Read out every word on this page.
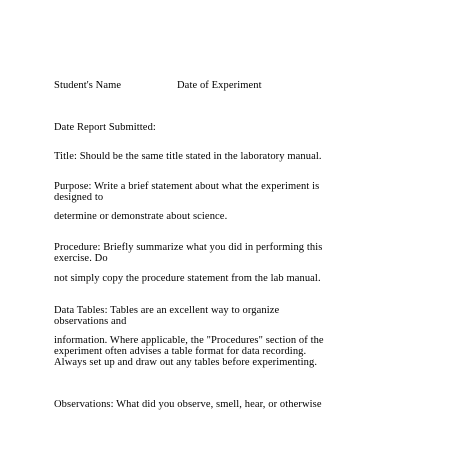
Student's Name	Date of Experiment
Date Report Submitted:
Title: Should be the same title stated in the laboratory manual.
Purpose: Write a brief statement about what the experiment is
designed to
determine or demonstrate about science.
Procedure: Briefly summarize what you did in performing this
exercise. Do
not simply copy the procedure statement from the lab manual.
Data Tables: Tables are an excellent way to organize
observations and
information. Where applicable, the "Procedures" section of the
experiment often advises a table format for data recording.
Always set up and draw out any tables before experimenting.
Observations: What did you observe, smell, hear, or otherwise
